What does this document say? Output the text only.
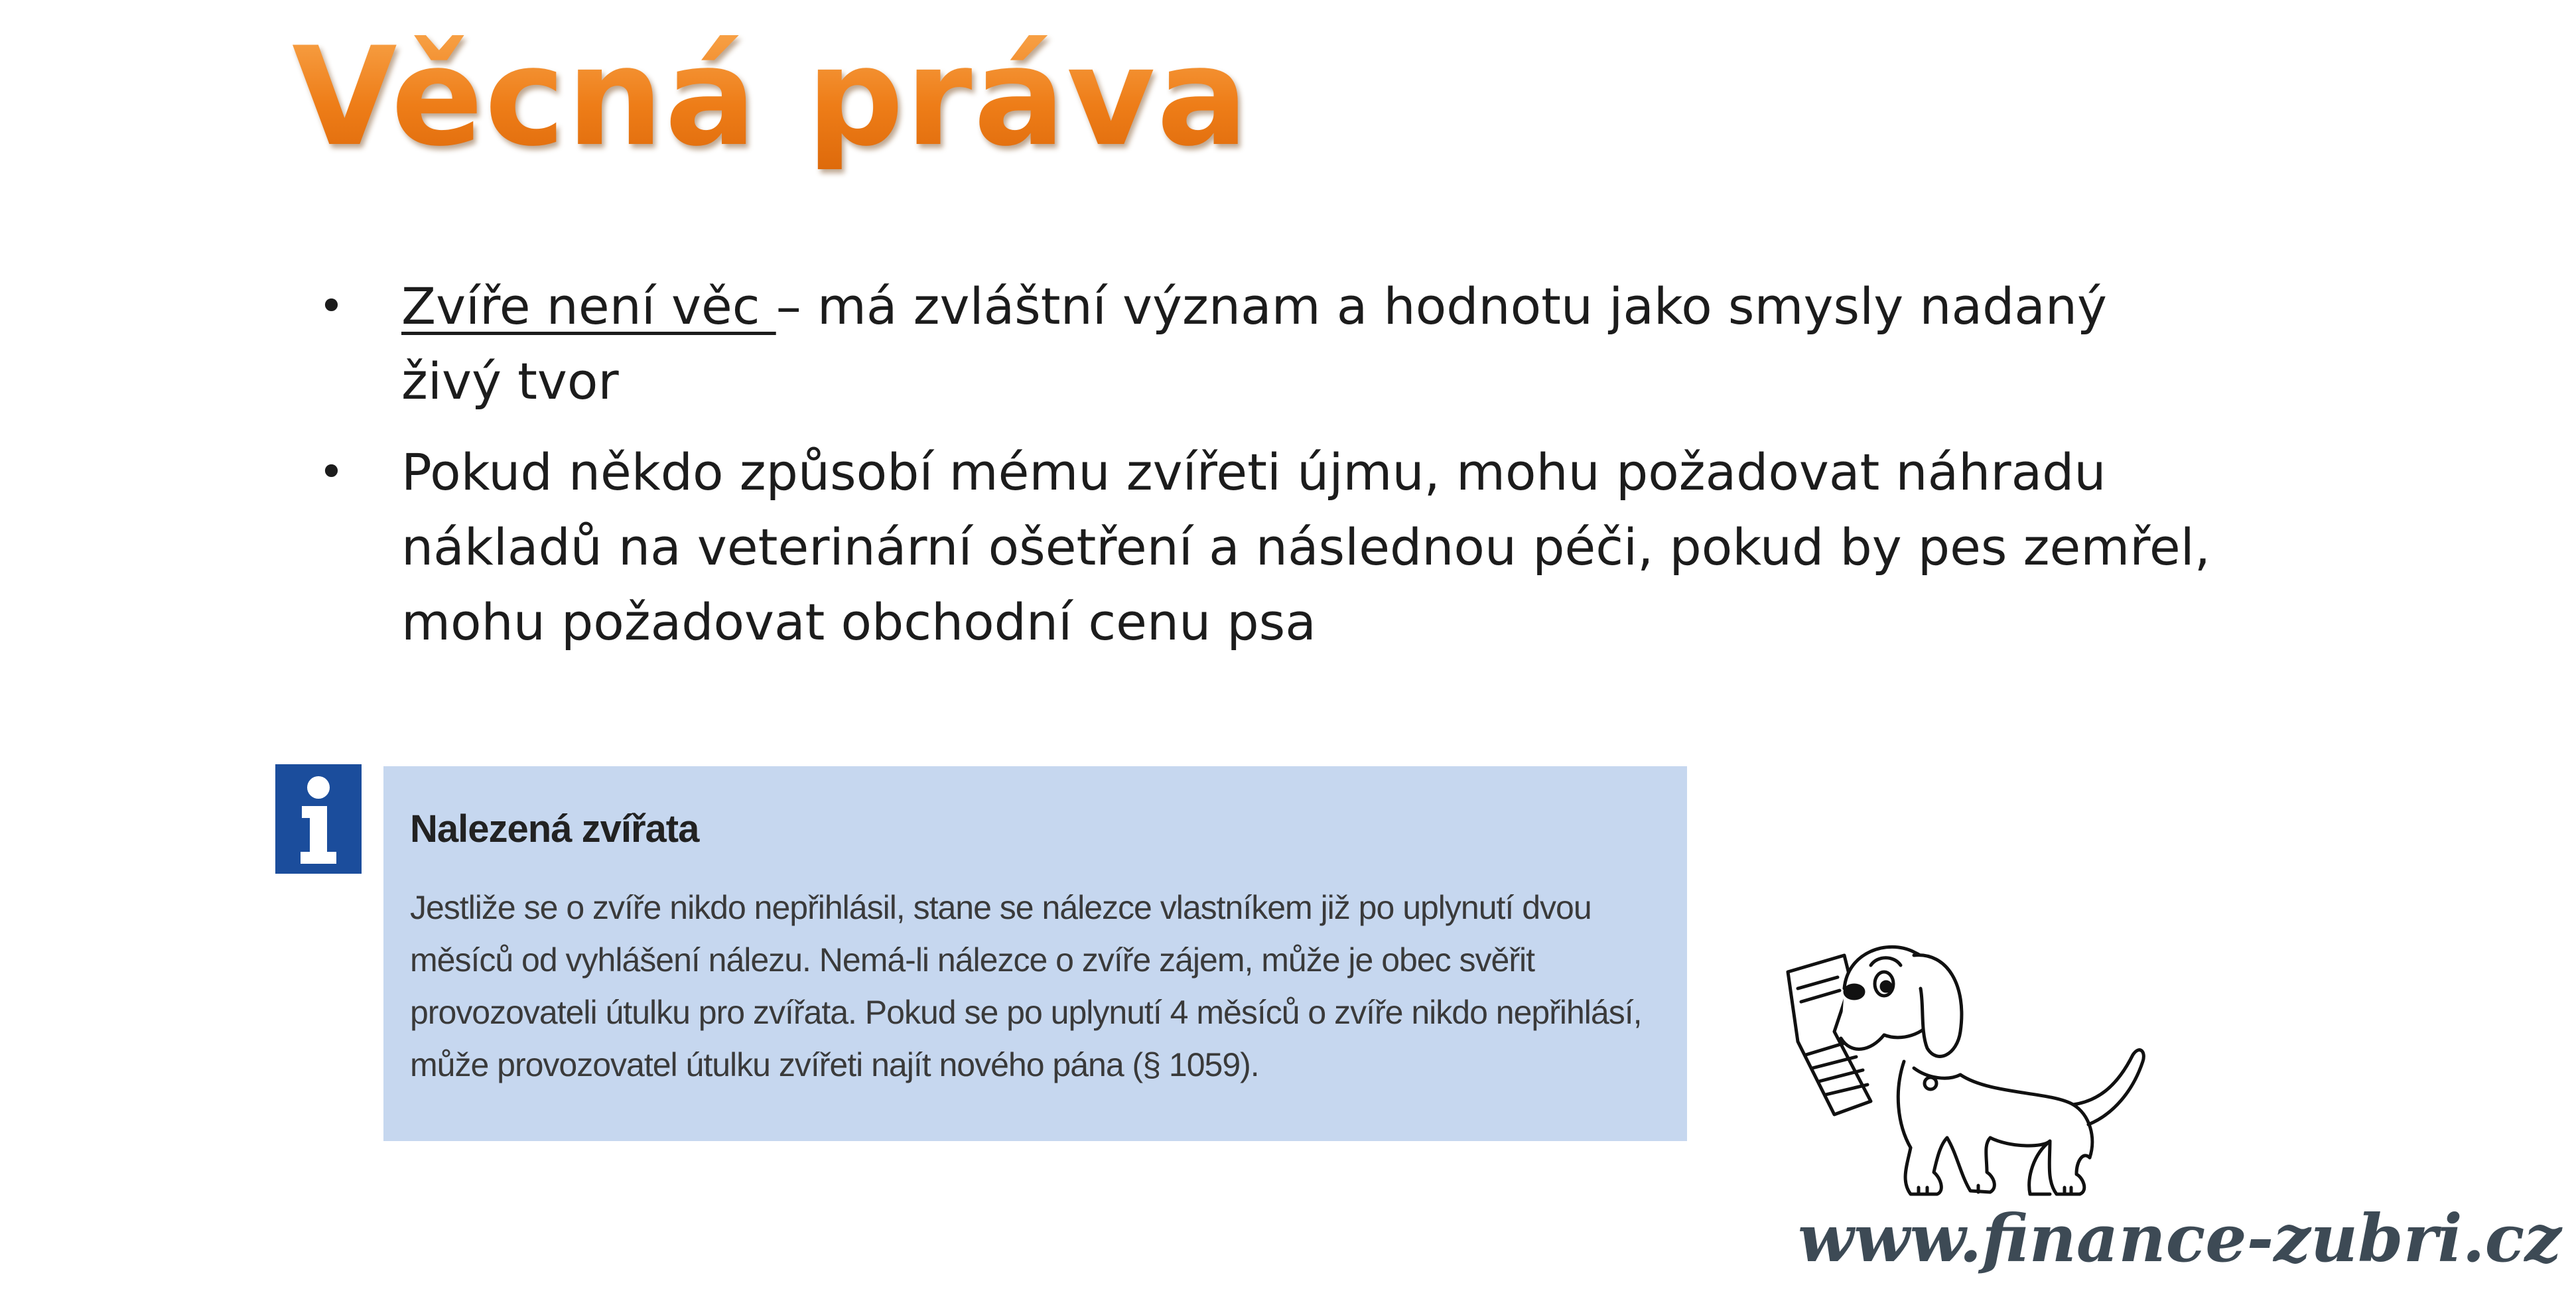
Věcná práva
• Zvíře není věc – má zvláštní význam a hodnotu jako smysly nadaný živý tvor
• Pokud někdo způsobí mému zvířeti újmu, mohu požadovat náhradu nákladů na veterinární ošetření a následnou péči, pokud by pes zemřel, mohu požadovat obchodní cenu psa
Nalezená zvířata

Jestliže se o zvíře nikdo nepřihlásil, stane se nálezce vlastníkem již po uplynutí dvou měsíců od vyhlášení nálezu. Nemá-li nálezce o zvíře zájem, může je obec svěřit provozovateli útulku pro zvířata. Pokud se po uplynutí 4 měsíců o zvíře nikdo nepřihlásí, může provozovatel útulku zvířeti najít nového pána (§ 1059).

www.finance-zubri.cz
